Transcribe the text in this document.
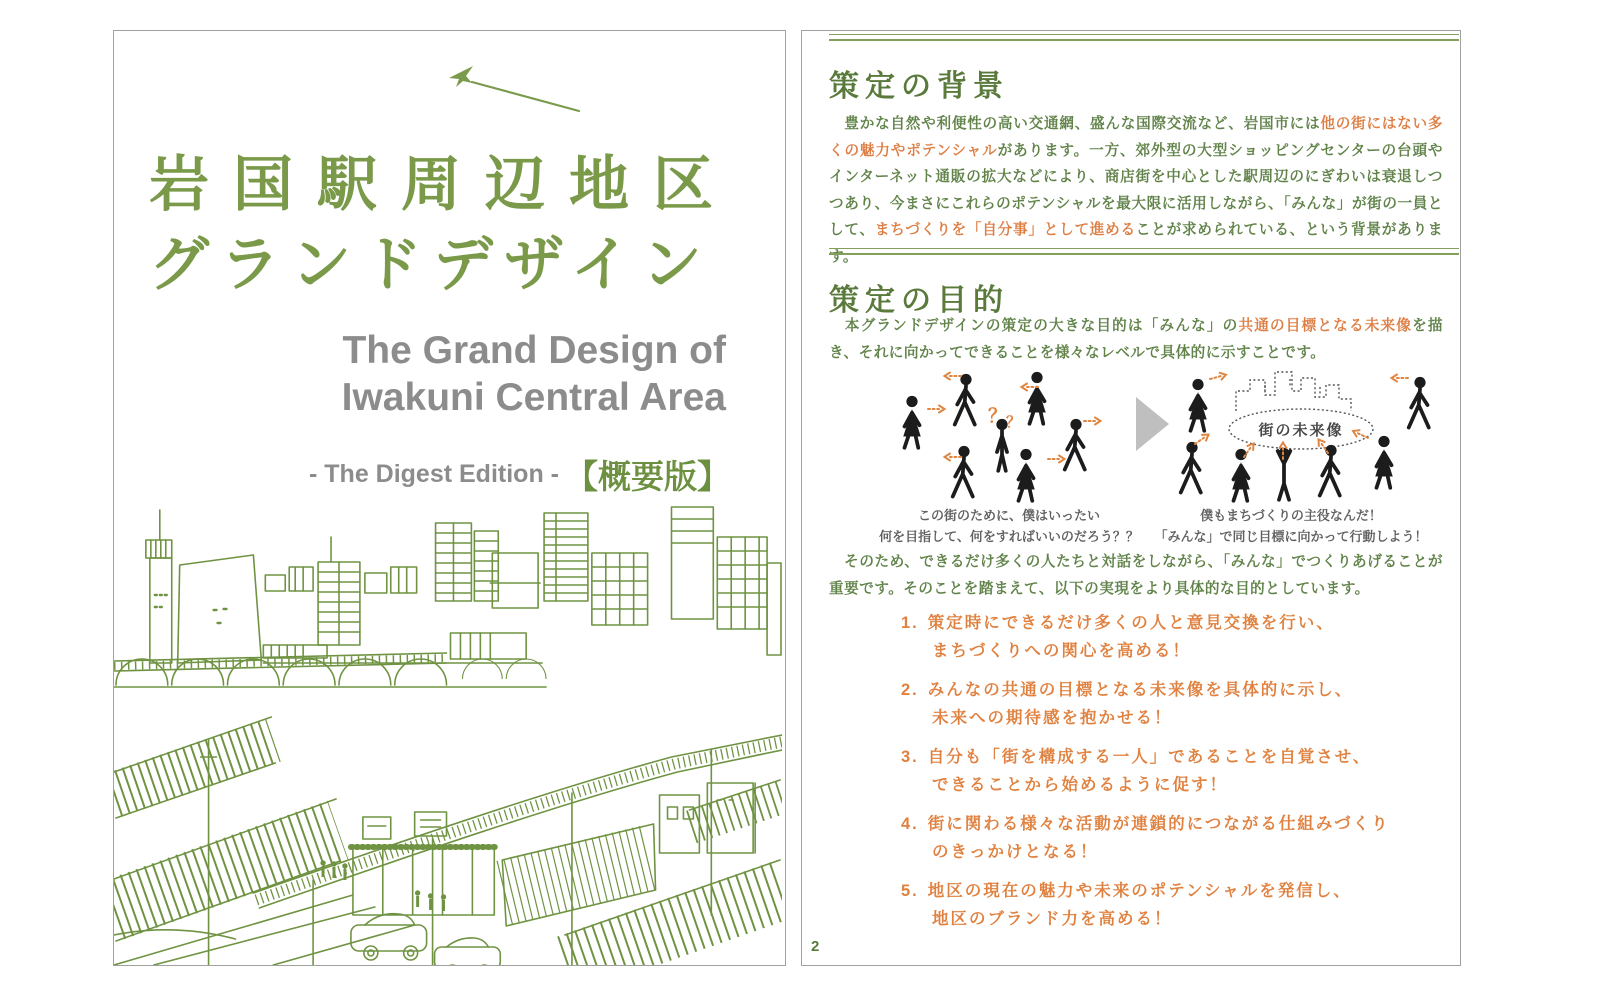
岩国駅周辺地区
グランドデザイン
The Grand Design of
Iwakuni Central Area
- The Digest Edition - 【概要版】
策定の背景

　豊かな自然や利便性の高い交通網、盛んな国際交流など、岩国市には他の街にはない多くの魅力やポテンシャルがあります。一方、郊外型の大型ショッピングセンターの台頭やインターネット通販の拡大などにより、商店街を中心とした駅周辺のにぎわいは衰退しつつあり、今まさにこれらのポテンシャルを最大限に活用しながら、「みんな」が街の一員として、まちづくりを「自分事」として進めることが求められている、という背景があります。

策定の目的

　本グランドデザインの策定の大きな目的は「みんな」の共通の目標となる未来像を描き、それに向かってできることを様々なレベルで具体的に示すことです。

？
？	街の未来像
この街のために、僕はいったい
何を目指して、何をすればいいのだろう？？
僕もまちづくりの主役なんだ！
「みんな」で同じ目標に向かって行動しよう！

　そのため、できるだけ多くの人たちと対話をしながら、「みんな」でつくりあげることが重要です。そのことを踏まえて、以下の実現をより具体的な目的としています。

1. 策定時にできるだけ多くの人と意見交換を行い、
まちづくりへの関心を高める！
2. みんなの共通の目標となる未来像を具体的に示し、
未来への期待感を抱かせる！
3. 自分も「街を構成する一人」であることを自覚させ、
できることから始めるように促す！
4. 街に関わる様々な活動が連鎖的につながる仕組みづくり
のきっかけとなる！
5. 地区の現在の魅力や未来のポテンシャルを発信し、
地区のブランド力を高める！
2
